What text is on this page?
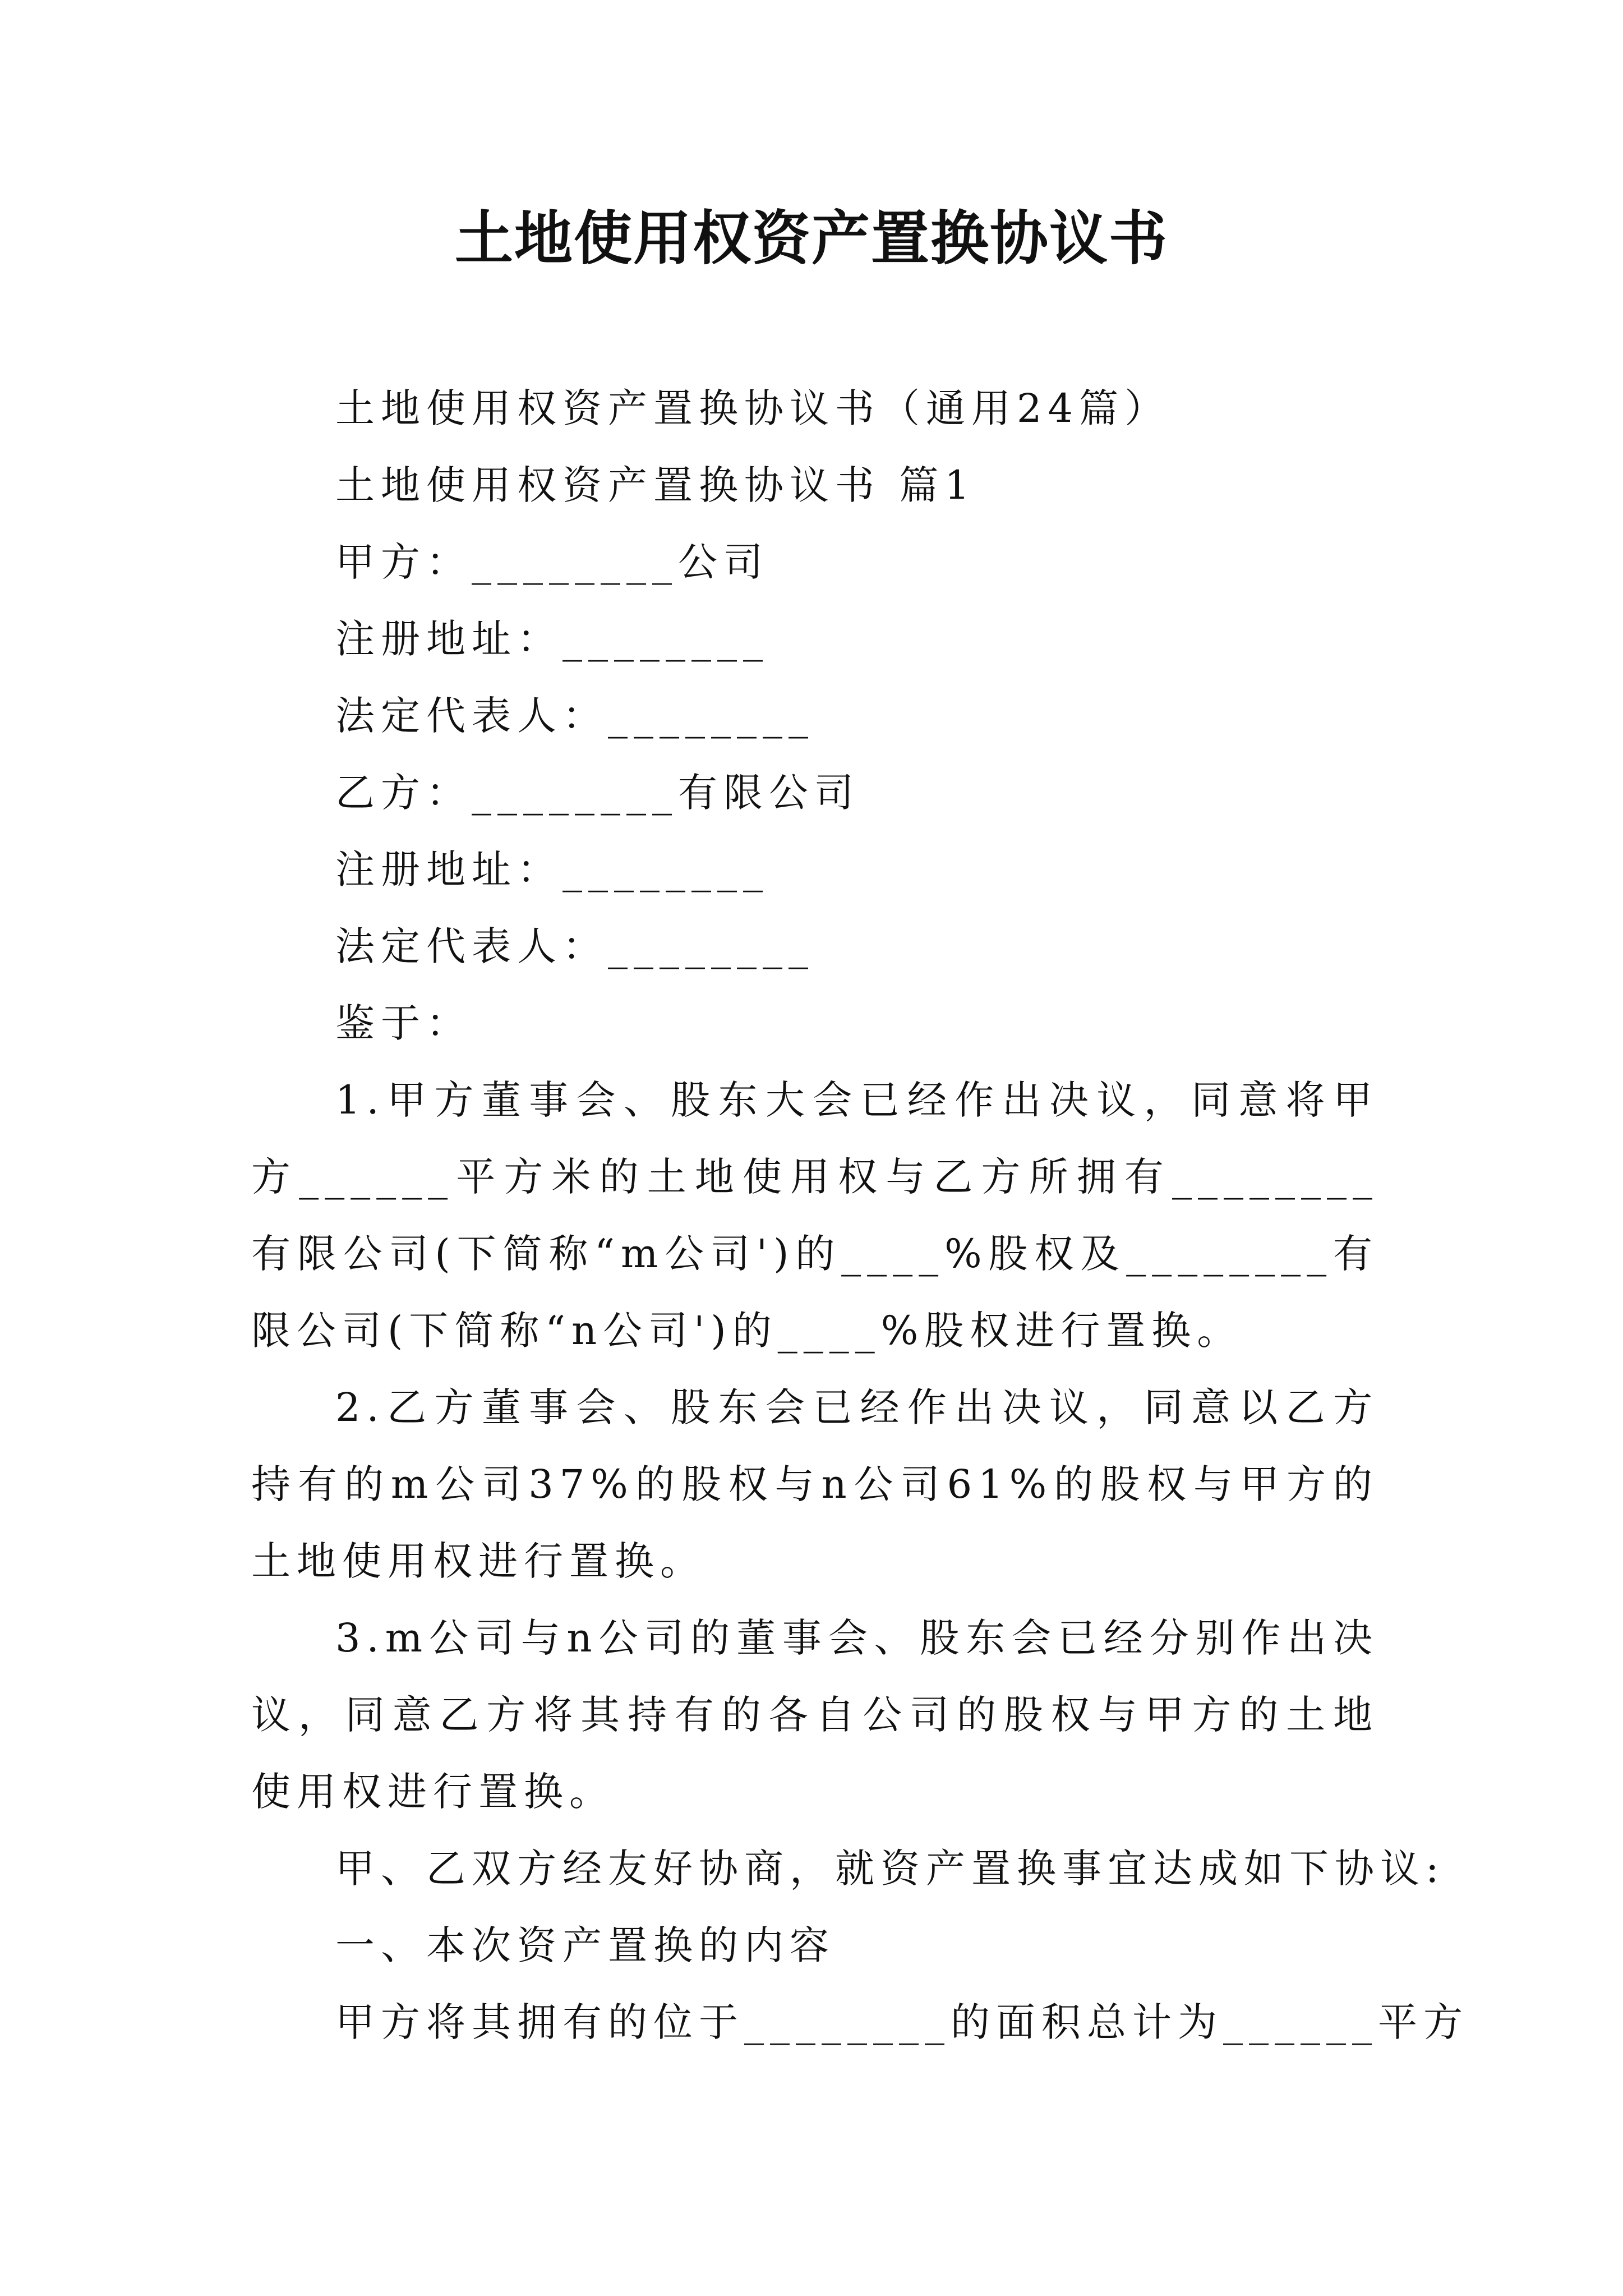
土地使用权资产置换协议书

土地使用权资产置换协议书（通用24篇）

土地使用权资产置换协议书 篇1

甲方：________公司

注册地址：________

法定代表人：________

乙方：________有限公司

注册地址：________

法定代表人：________

鉴于：

1.甲方董事会、股东大会已经作出决议，同意将甲方______平方米的土地使用权与乙方所拥有________有限公司(下简称“m公司')的____%股权及________有限公司(下简称“n公司')的____%股权进行置换。

2.乙方董事会、股东会已经作出决议，同意以乙方持有的m公司37%的股权与n公司61%的股权与甲方的土地使用权进行置换。

3.m公司与n公司的董事会、股东会已经分别作出决议，同意乙方将其持有的各自公司的股权与甲方的土地使用权进行置换。

甲、乙双方经友好协商，就资产置换事宜达成如下协议:

一、本次资产置换的内容

甲方将其拥有的位于________的面积总计为______平方
